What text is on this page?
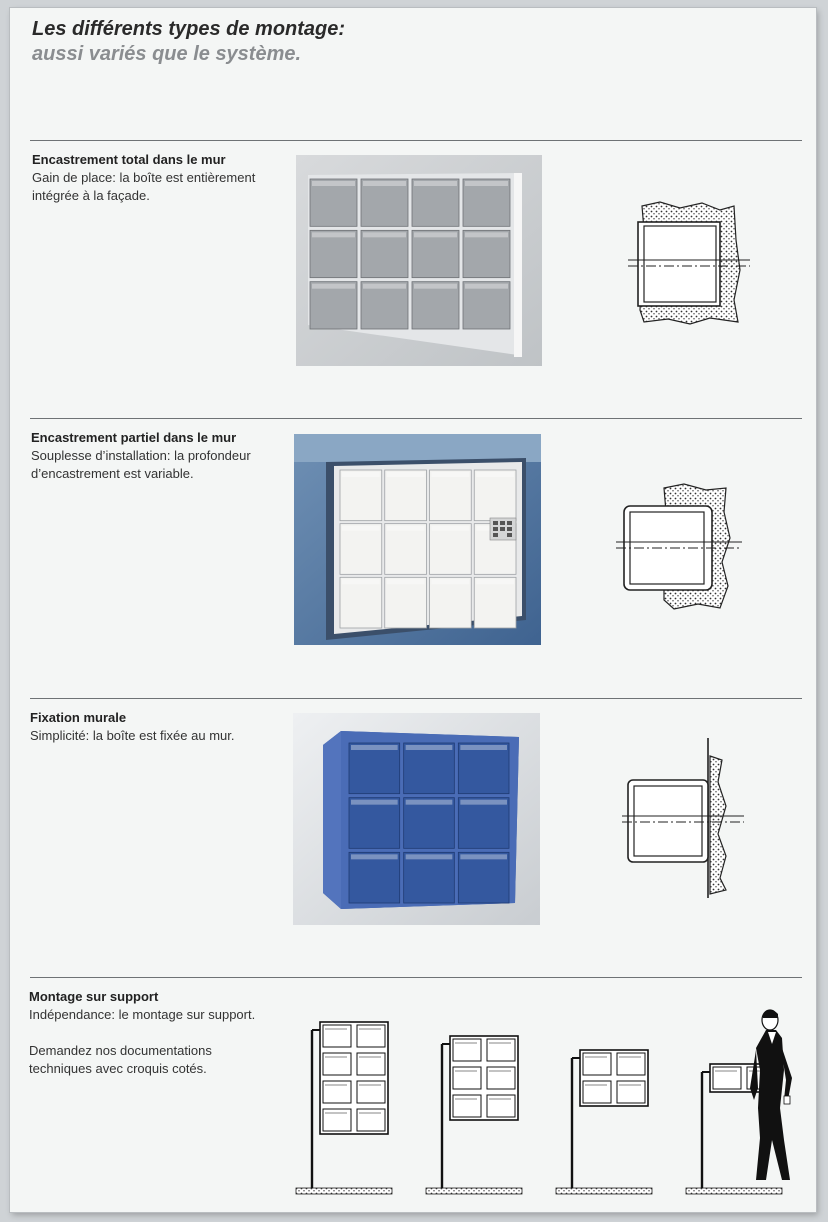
Les différents types de montage:
aussi variés que le système.
Encastrement total dans le mur

Gain de place: la boîte est entièrement intégrée à la façade.

Encastrement partiel dans le mur

Souplesse d’installation: la profondeur d’encastrement est variable.

Fixation murale

Simplicité: la boîte est fixée au mur.

Montage sur support

Indépendance: le montage sur support.

Demandez nos documentations techniques avec croquis cotés.
